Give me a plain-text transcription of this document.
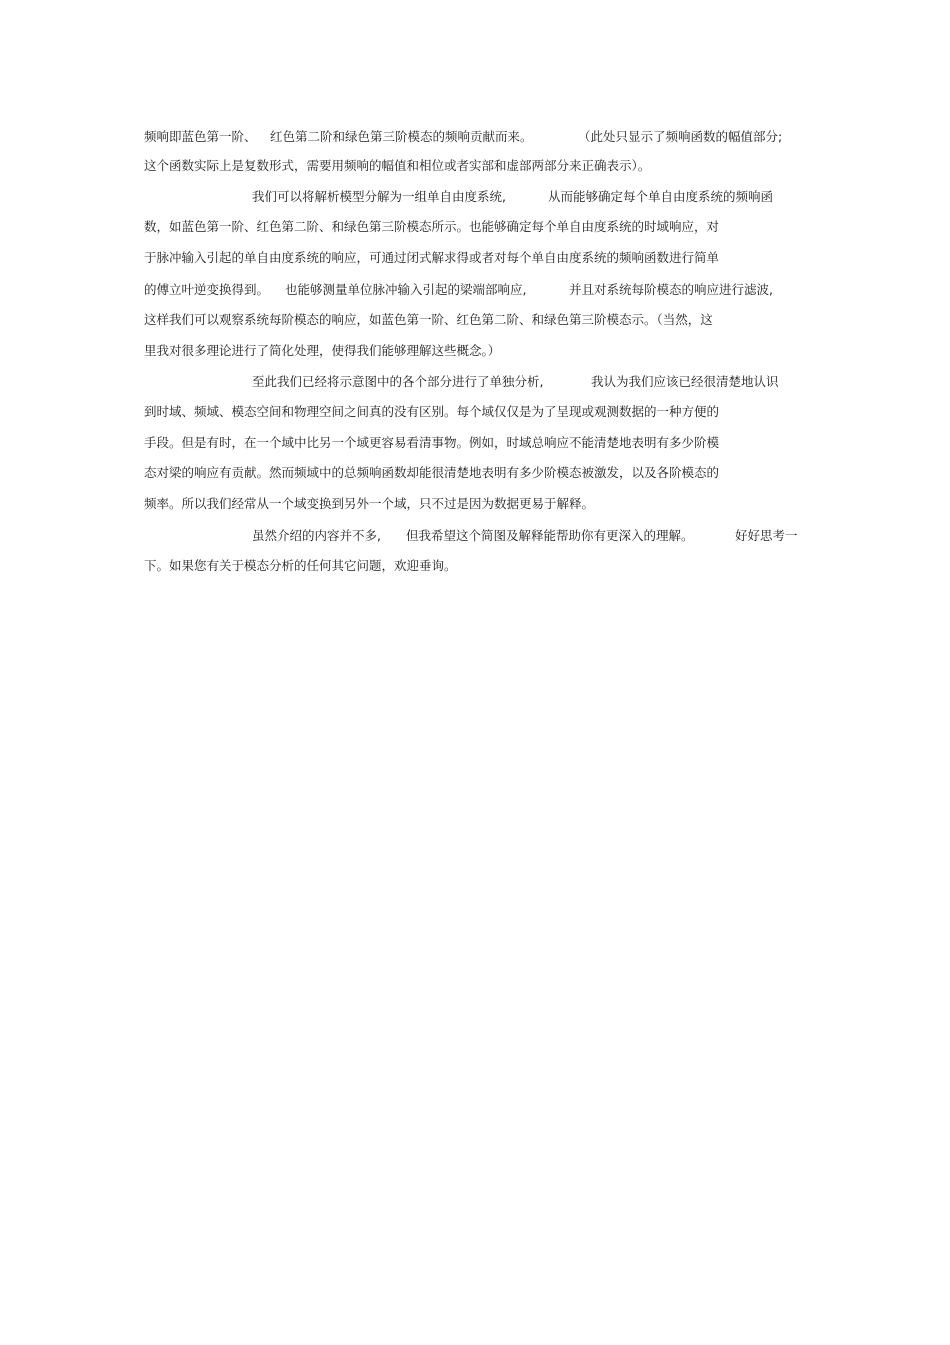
频响即蓝色第一阶、 红色第二阶和绿色第三阶模态的频响贡献而来。	（此处只显示了频响函数的幅值部分;
这个函数实际上是复数形式，需要用频响的幅值和相位或者实部和虚部两部分来正确表示）。
我们可以将解析模型分解为一组单自由度系统,	从而能够确定每个单自由度系统的频响函
数，如蓝色第一阶、红色第二阶、和绿色第三阶模态所示。也能够确定每个单自由度系统的时域响应，对
于脉冲输入引起的单自由度系统的响应，可通过闭式解求得或者对每个单自由度系统的频响函数进行简单
的傅立叶逆变换得到。 也能够测量单位脉冲输入引起的梁端部响应,	并且对系统每阶模态的响应进行滤波,
这样我们可以观察系统每阶模态的响应，如蓝色第一阶、红色第二阶、和绿色第三阶模态示。（当然，这
里我对很多理论进行了简化处理，使得我们能够理解这些概念。）
至此我们已经将示意图中的各个部分进行了单独分析,	我认为我们应该已经很清楚地认识
到时域、频域、模态空间和物理空间之间真的没有区别。每个域仅仅是为了呈现或观测数据的一种方便的
手段。但是有时，在一个域中比另一个域更容易看清事物。例如，时域总响应不能清楚地表明有多少阶模
态对梁的响应有贡献。然而频域中的总频响函数却能很清楚地表明有多少阶模态被激发，以及各阶模态的
频率。所以我们经常从一个域变换到另外一个域，只不过是因为数据更易于解释。
虽然介绍的内容并不多, 但我希望这个简图及解释能帮助你有更深入的理解。	好好思考一
下。如果您有关于模态分析的任何其它问题，欢迎垂询。
